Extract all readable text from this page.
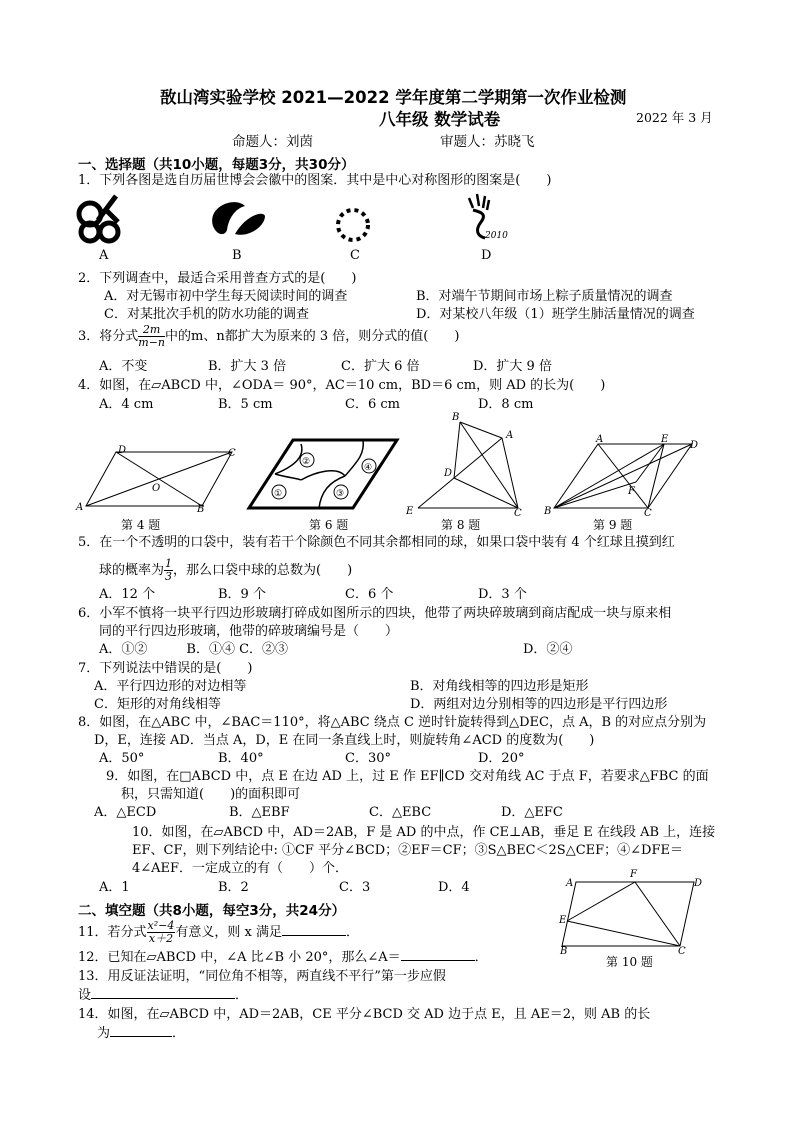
敔山湾实验学校 2021—2022 学年度第二学期第一次作业检测
八年级 数学试卷	2022 年 3 月
命题人：刘茵	审题人：苏晓飞
一、选择题（共10小题，每题3分，共30分）
1．下列各图是选自历届世博会会徽中的图案．其中是中心对称图形的图案是(　　)
2010
A	B	C	D
2．下列调查中，最适合采用普查方式的是(　　)
A．对无锡市初中学生每天阅读时间的调查	B．对端午节期间市场上粽子质量情况的调查
C．对某批次手机的防水功能的调查	D．对某校八年级（1）班学生肺活量情况的调查
3．将分式 $\frac{2m}{m-n}$ 中的m、n都扩大为原来的 3 倍，则分式的值(　　)
A．不变	B．扩大 3 倍	C．扩大 6 倍	D．扩大 9 倍
4．如图，在▱ABCD 中，∠ODA＝ 90°，AC＝10 cm，BD＝6 cm，则 AD 的长为(　　)
A．4 cm	B．5 cm	C．6 cm	D．8 cm
D	C
O
A	B
第 4 题
②
④
①	③
第 6 题
B
A
D
E	C
第 8 题
A	E
D
F
B	C
第 9 题
5．在一个不透明的口袋中，装有若干个除颜色不同其余都相同的球，如果口袋中装有 4 个红球且摸到红
球的概率为 $\frac{1}{3}$ ，那么口袋中球的总数为(　　)
A．12 个	B．9 个	C．6 个	D．3 个
6．小军不慎将一块平行四边形玻璃打碎成如图所示的四块，他带了两块碎玻璃到商店配成一块与原来相
同的平行四边形玻璃，他带的碎玻璃编号是（　　）
A．①②　　　B．①④ C．②③	D．②④
7．下列说法中错误的是(　　)
A．平行四边形的对边相等	B．对角线相等的四边形是矩形
C．矩形的对角线相等	D．两组对边分别相等的四边形是平行四边形
8．如图，在△ABC 中，∠BAC＝110°，将△ABC 绕点 C 逆时针旋转得到△DEC，点 A，B 的对应点分别为
D，E，连接 AD．当点 A，D，E 在同一条直线上时，则旋转角∠ACD 的度数为(　　)
A．50°	B．40°	C．30°	D．20°
9．如图，在□ABCD 中，点 E 在边 AD 上，过 E 作 EF∥CD 交对角线 AC 于点 F，若要求△FBC 的面
积，只需知道(　　)的面积即可
A．△ECD	B．△EBF	C．△EBC	D．△EFC
10．如图，在▱ABCD 中，AD＝2AB，F 是 AD 的中点，作 CE⊥AB，垂足 E 在线段 AB 上，连接
EF、CF，则下列结论中: ①CF 平分∠BCD；②EF＝CF；③S△BEC＜2S△CEF；④∠DFE＝
4∠AEF．一定成立的有（　　）个．
A．1	B．2	C．3	D．4	A
F
D
E
B	C
第 10 题
二、填空题（共8小题，每空3分，共24分）
11．若分式 $\frac{\text{x²−4}}{x+2}$ 有意义，则 x 满足	．
12．已知在▱ABCD 中，∠A 比∠B 小 20°，那么∠A＝	．
13．用反证法证明，“同位角不相等，两直线不平行”第一步应假
设	．
14．如图，在▱ABCD 中，AD＝2AB，CE 平分∠BCD 交 AD 边于点 E，且 AE＝2，则 AB 的长
为	．
